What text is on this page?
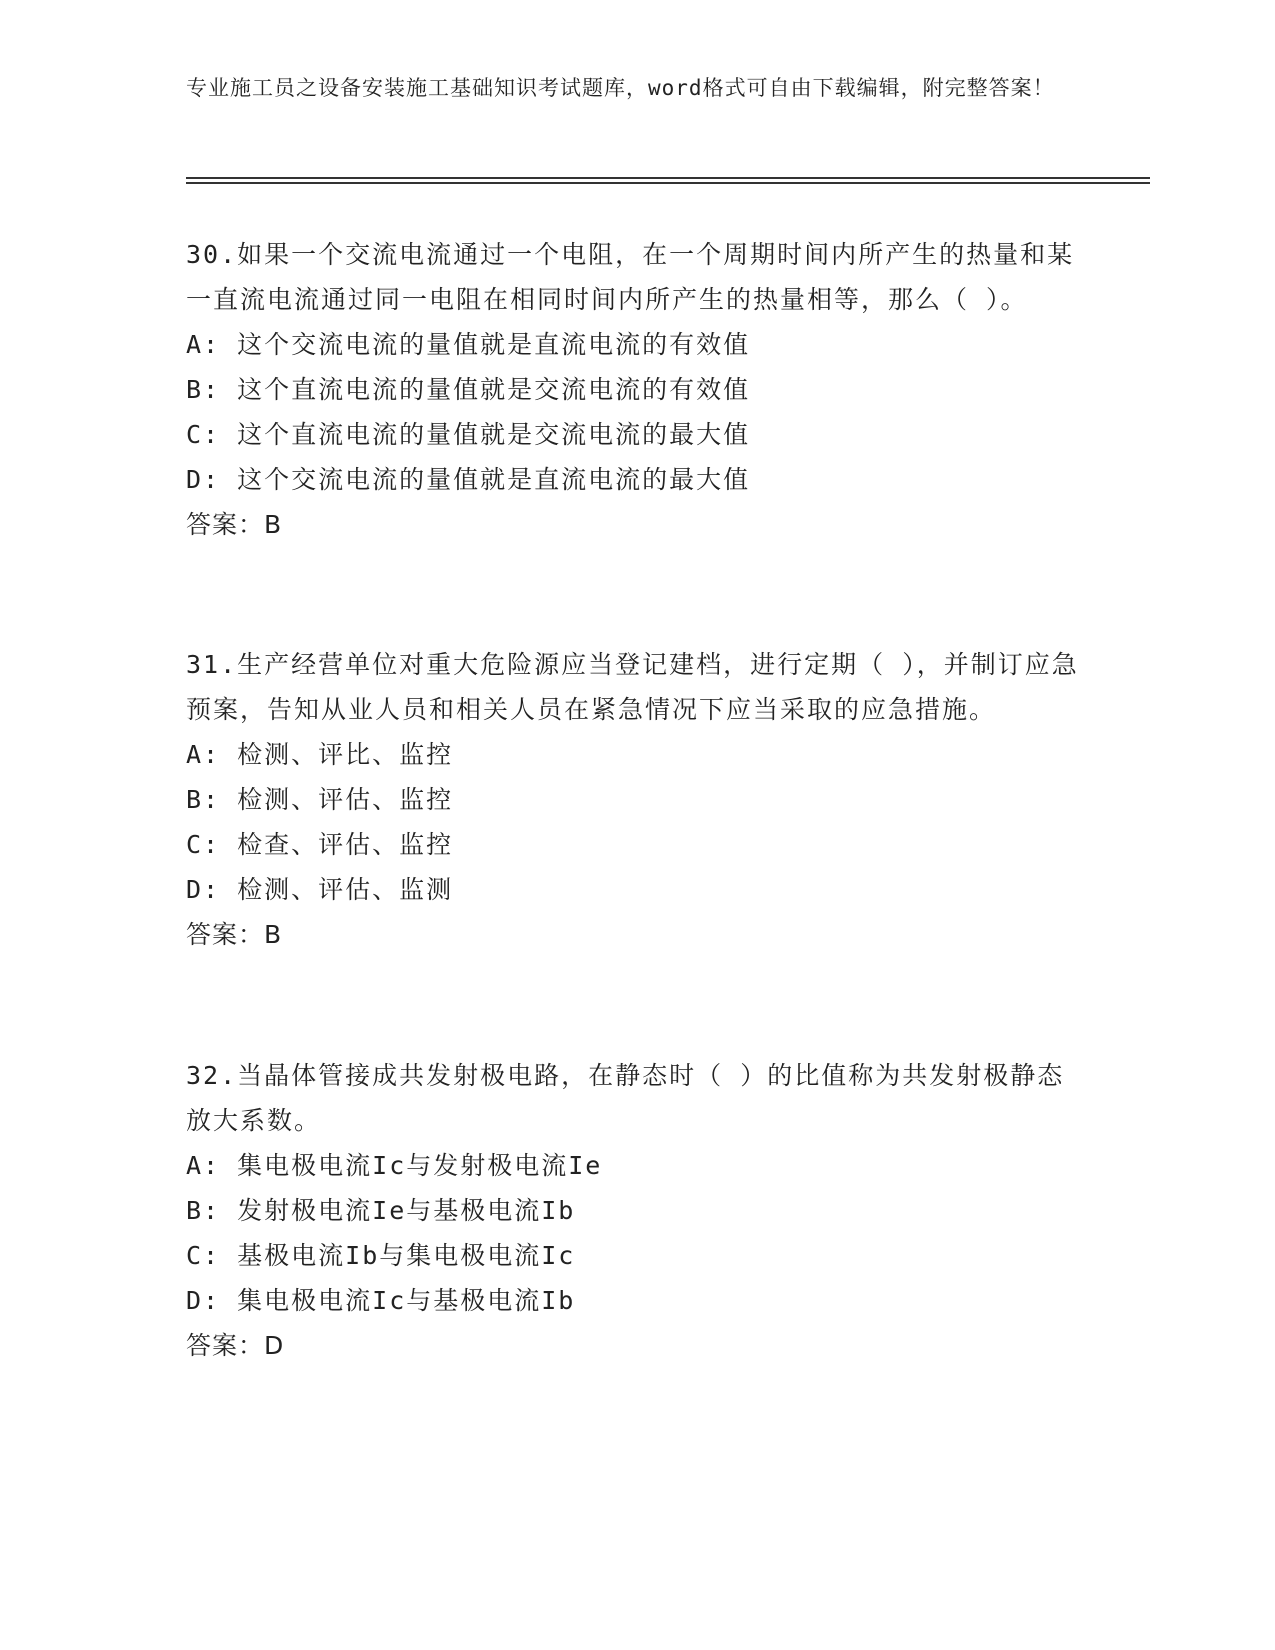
专业施工员之设备安装施工基础知识考试题库，word格式可自由下载编辑，附完整答案！

30.如果一个交流电流通过一个电阻，在一个周期时间内所产生的热量和某一直流电流通过同一电阻在相同时间内所产生的热量相等，那么（ ）。

A: 这个交流电流的量值就是直流电流的有效值

B: 这个直流电流的量值就是交流电流的有效值

C: 这个直流电流的量值就是交流电流的最大值

D: 这个交流电流的量值就是直流电流的最大值

答案：B

31.生产经营单位对重大危险源应当登记建档，进行定期（ ），并制订应急预案，告知从业人员和相关人员在紧急情况下应当采取的应急措施。

A: 检测、评比、监控

B: 检测、评估、监控

C: 检查、评估、监控

D: 检测、评估、监测

答案：B

32.当晶体管接成共发射极电路，在静态时（ ）的比值称为共发射极静态放大系数。

A: 集电极电流Ic与发射极电流Ie

B: 发射极电流Ie与基极电流Ib

C: 基极电流Ib与集电极电流Ic

D: 集电极电流Ic与基极电流Ib

答案：D
